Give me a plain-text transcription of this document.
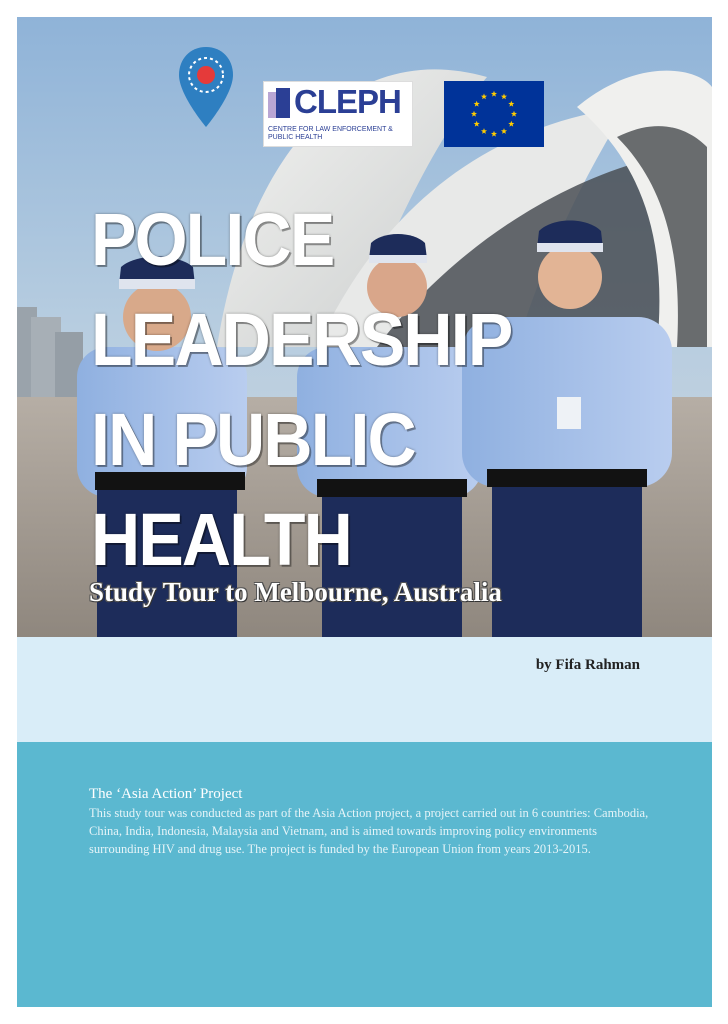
CLEPH
CENTRE FOR LAW ENFORCEMENT & PUBLIC HEALTH
POLICE
LEADERSHIP
IN PUBLIC
HEALTH
Study Tour to Melbourne, Australia
by Fifa Rahman
The ‘Asia Action’ Project
This study tour was conducted as part of the Asia Action project, a project carried out in 6 countries: Cambodia, China, India, Indonesia, Malaysia and Vietnam, and is aimed towards improving policy environments surrounding HIV and drug use. The project is funded by the European Union from years 2013-2015.
